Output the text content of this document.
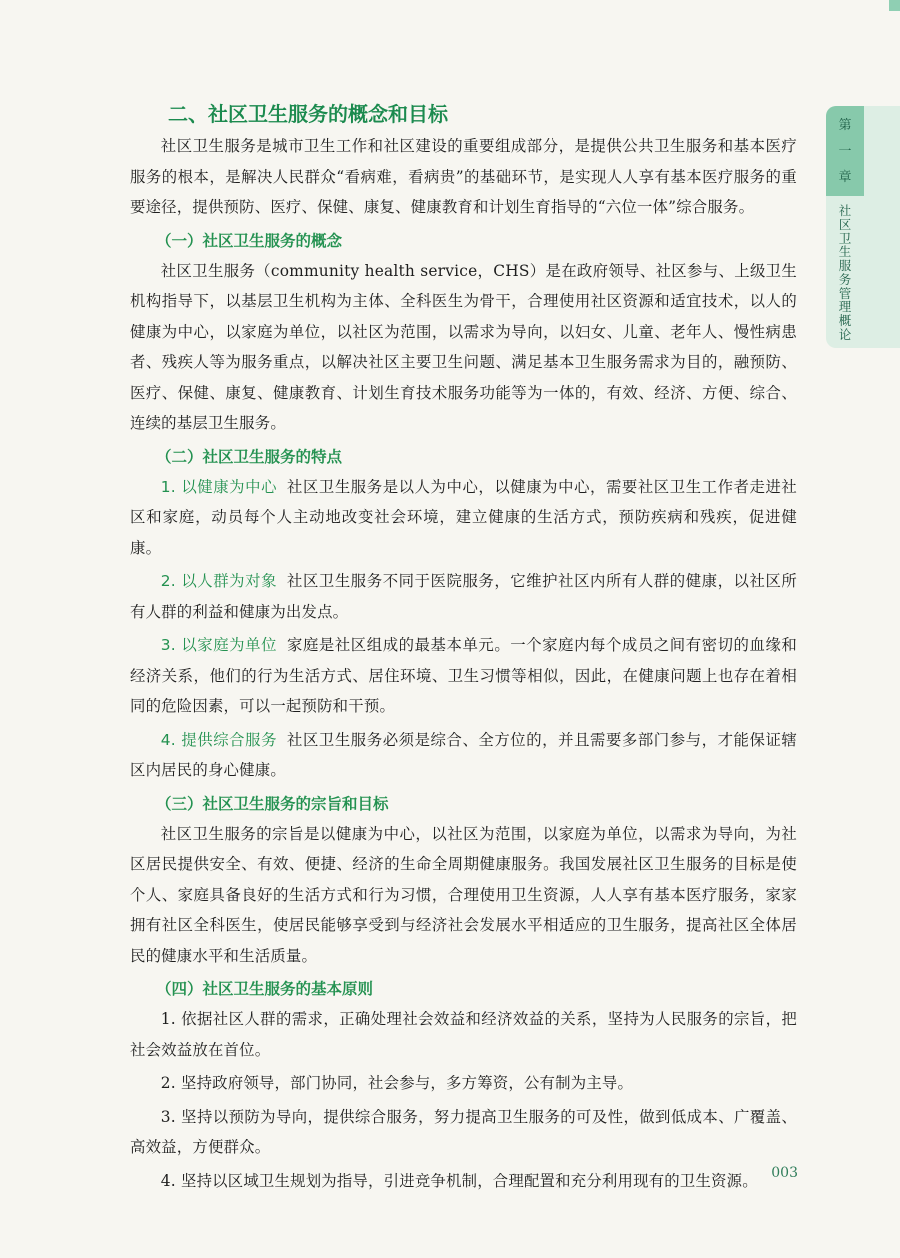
第
一
章
社
区
卫
生
服
务
管
理
概
论
二、社区卫生服务的概念和目标

社区卫生服务是城市卫生工作和社区建设的重要组成部分，是提供公共卫生服务和基本医疗服务的根本，是解决人民群众“看病难，看病贵”的基础环节，是实现人人享有基本医疗服务的重要途径，提供预防、医疗、保健、康复、健康教育和计划生育指导的“六位一体”综合服务。

（一）社区卫生服务的概念

社区卫生服务（community health service，CHS）是在政府领导、社区参与、上级卫生机构指导下，以基层卫生机构为主体、全科医生为骨干，合理使用社区资源和适宜技术，以人的健康为中心，以家庭为单位，以社区为范围，以需求为导向，以妇女、儿童、老年人、慢性病患者、残疾人等为服务重点，以解决社区主要卫生问题、满足基本卫生服务需求为目的，融预防、医疗、保健、康复、健康教育、计划生育技术服务功能等为一体的，有效、经济、方便、综合、连续的基层卫生服务。

（二）社区卫生服务的特点

1. 以健康为中心 社区卫生服务是以人为中心，以健康为中心，需要社区卫生工作者走进社区和家庭，动员每个人主动地改变社会环境，建立健康的生活方式，预防疾病和残疾，促进健康。

2. 以人群为对象 社区卫生服务不同于医院服务，它维护社区内所有人群的健康，以社区所有人群的利益和健康为出发点。

3. 以家庭为单位 家庭是社区组成的最基本单元。一个家庭内每个成员之间有密切的血缘和经济关系，他们的行为生活方式、居住环境、卫生习惯等相似，因此，在健康问题上也存在着相同的危险因素，可以一起预防和干预。

4. 提供综合服务 社区卫生服务必须是综合、全方位的，并且需要多部门参与，才能保证辖区内居民的身心健康。

（三）社区卫生服务的宗旨和目标

社区卫生服务的宗旨是以健康为中心，以社区为范围，以家庭为单位，以需求为导向，为社区居民提供安全、有效、便捷、经济的生命全周期健康服务。我国发展社区卫生服务的目标是使个人、家庭具备良好的生活方式和行为习惯，合理使用卫生资源，人人享有基本医疗服务，家家拥有社区全科医生，使居民能够享受到与经济社会发展水平相适应的卫生服务，提高社区全体居民的健康水平和生活质量。

（四）社区卫生服务的基本原则

1. 依据社区人群的需求，正确处理社会效益和经济效益的关系，坚持为人民服务的宗旨，把社会效益放在首位。

2. 坚持政府领导，部门协同，社会参与，多方筹资，公有制为主导。

3. 坚持以预防为导向，提供综合服务，努力提高卫生服务的可及性，做到低成本、广覆盖、高效益，方便群众。

4. 坚持以区域卫生规划为指导，引进竞争机制，合理配置和充分利用现有的卫生资源。 003
